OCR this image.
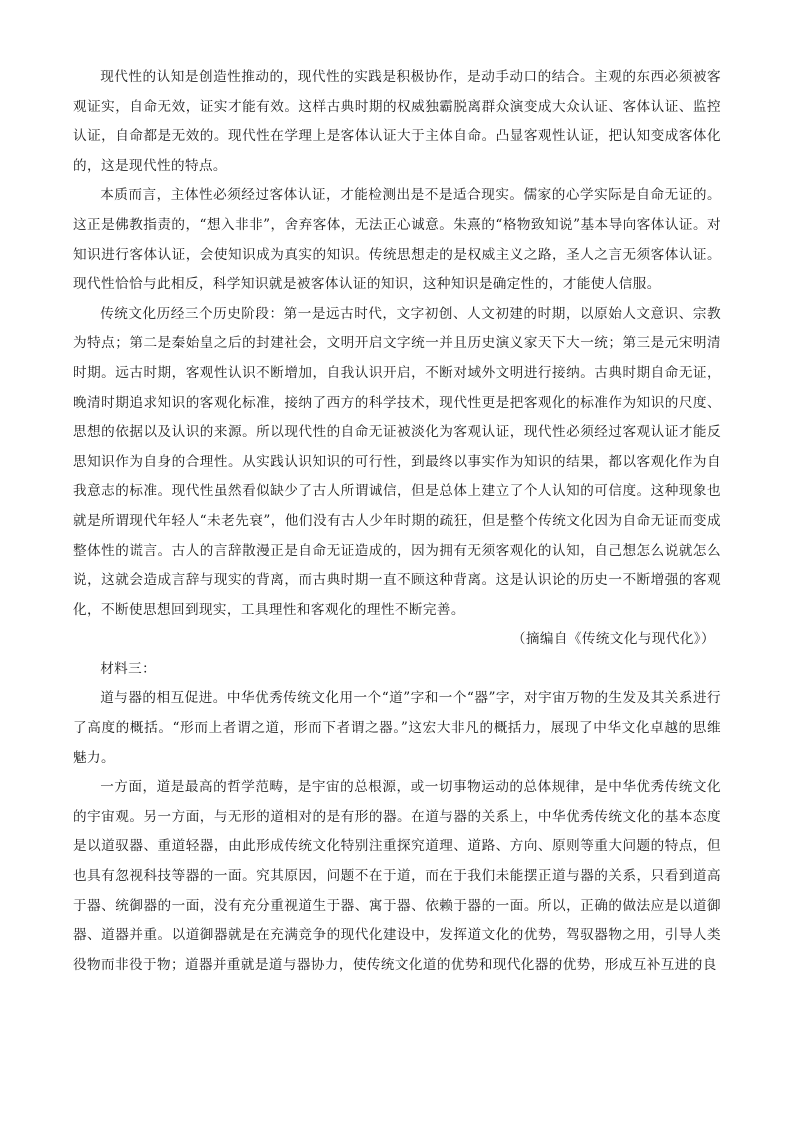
现代性的认知是创造性推动的，现代性的实践是积极协作，是动手动口的结合。主观的东西必须被客观证实，自命无效，证实才能有效。这样古典时期的权威独霸脱离群众演变成大众认证、客体认证、监控认证，自命都是无效的。现代性在学理上是客体认证大于主体自命。凸显客观性认证，把认知变成客体化的，这是现代性的特点。

本质而言，主体性必须经过客体认证，才能检测出是不是适合现实。儒家的心学实际是自命无证的。这正是佛教指责的，“想入非非”，舍弃客体，无法正心诚意。朱熹的“格物致知说”基本导向客体认证。对知识进行客体认证，会使知识成为真实的知识。传统思想走的是权威主义之路，圣人之言无须客体认证。现代性恰恰与此相反，科学知识就是被客体认证的知识，这种知识是确定性的，才能使人信服。

传统文化历经三个历史阶段：第一是远古时代，文字初创、人文初建的时期，以原始人文意识、宗教为特点；第二是秦始皇之后的封建社会，文明开启文字统一并且历史演义家天下大一统；第三是元宋明清时期。远古时期，客观性认识不断增加，自我认识开启，不断对域外文明进行接纳。古典时期自命无证，晚清时期追求知识的客观化标准，接纳了西方的科学技术，现代性更是把客观化的标准作为知识的尺度、思想的依据以及认识的来源。所以现代性的自命无证被淡化为客观认证，现代性必须经过客观认证才能反思知识作为自身的合理性。从实践认识知识的可行性，到最终以事实作为知识的结果，都以客观化作为自我意志的标准。现代性虽然看似缺少了古人所谓诚信，但是总体上建立了个人认知的可信度。这种现象也就是所谓现代年轻人“未老先衰”，他们没有古人少年时期的疏狂，但是整个传统文化因为自命无证而变成整体性的谎言。古人的言辞散漫正是自命无证造成的，因为拥有无须客观化的认知，自己想怎么说就怎么说，这就会造成言辞与现实的背离，而古典时期一直不顾这种背离。这是认识论的历史一不断增强的客观化，不断使思想回到现实，工具理性和客观化的理性不断完善。

（摘编自《传统文化与现代化》）

材料三：

道与器的相互促进。中华优秀传统文化用一个“道”字和一个“器”字，对宇宙万物的生发及其关系进行了高度的概括。“形而上者谓之道，形而下者谓之器。”这宏大非凡的概括力，展现了中华文化卓越的思维魅力。

一方面，道是最高的哲学范畴，是宇宙的总根源，或一切事物运动的总体规律，是中华优秀传统文化的宇宙观。另一方面，与无形的道相对的是有形的器。在道与器的关系上，中华优秀传统文化的基本态度是以道驭器、重道轻器，由此形成传统文化特别注重探究道理、道路、方向、原则等重大问题的特点，但也具有忽视科技等器的一面。究其原因，问题不在于道，而在于我们未能摆正道与器的关系，只看到道高于器、统御器的一面，没有充分重视道生于器、寓于器、依赖于器的一面。所以，正确的做法应是以道御器、道器并重。以道御器就是在充满竞争的现代化建设中，发挥道文化的优势，驾驭器物之用，引导人类役物而非役于物；道器并重就是道与器协力，使传统文化道的优势和现代化器的优势，形成互补互进的良
